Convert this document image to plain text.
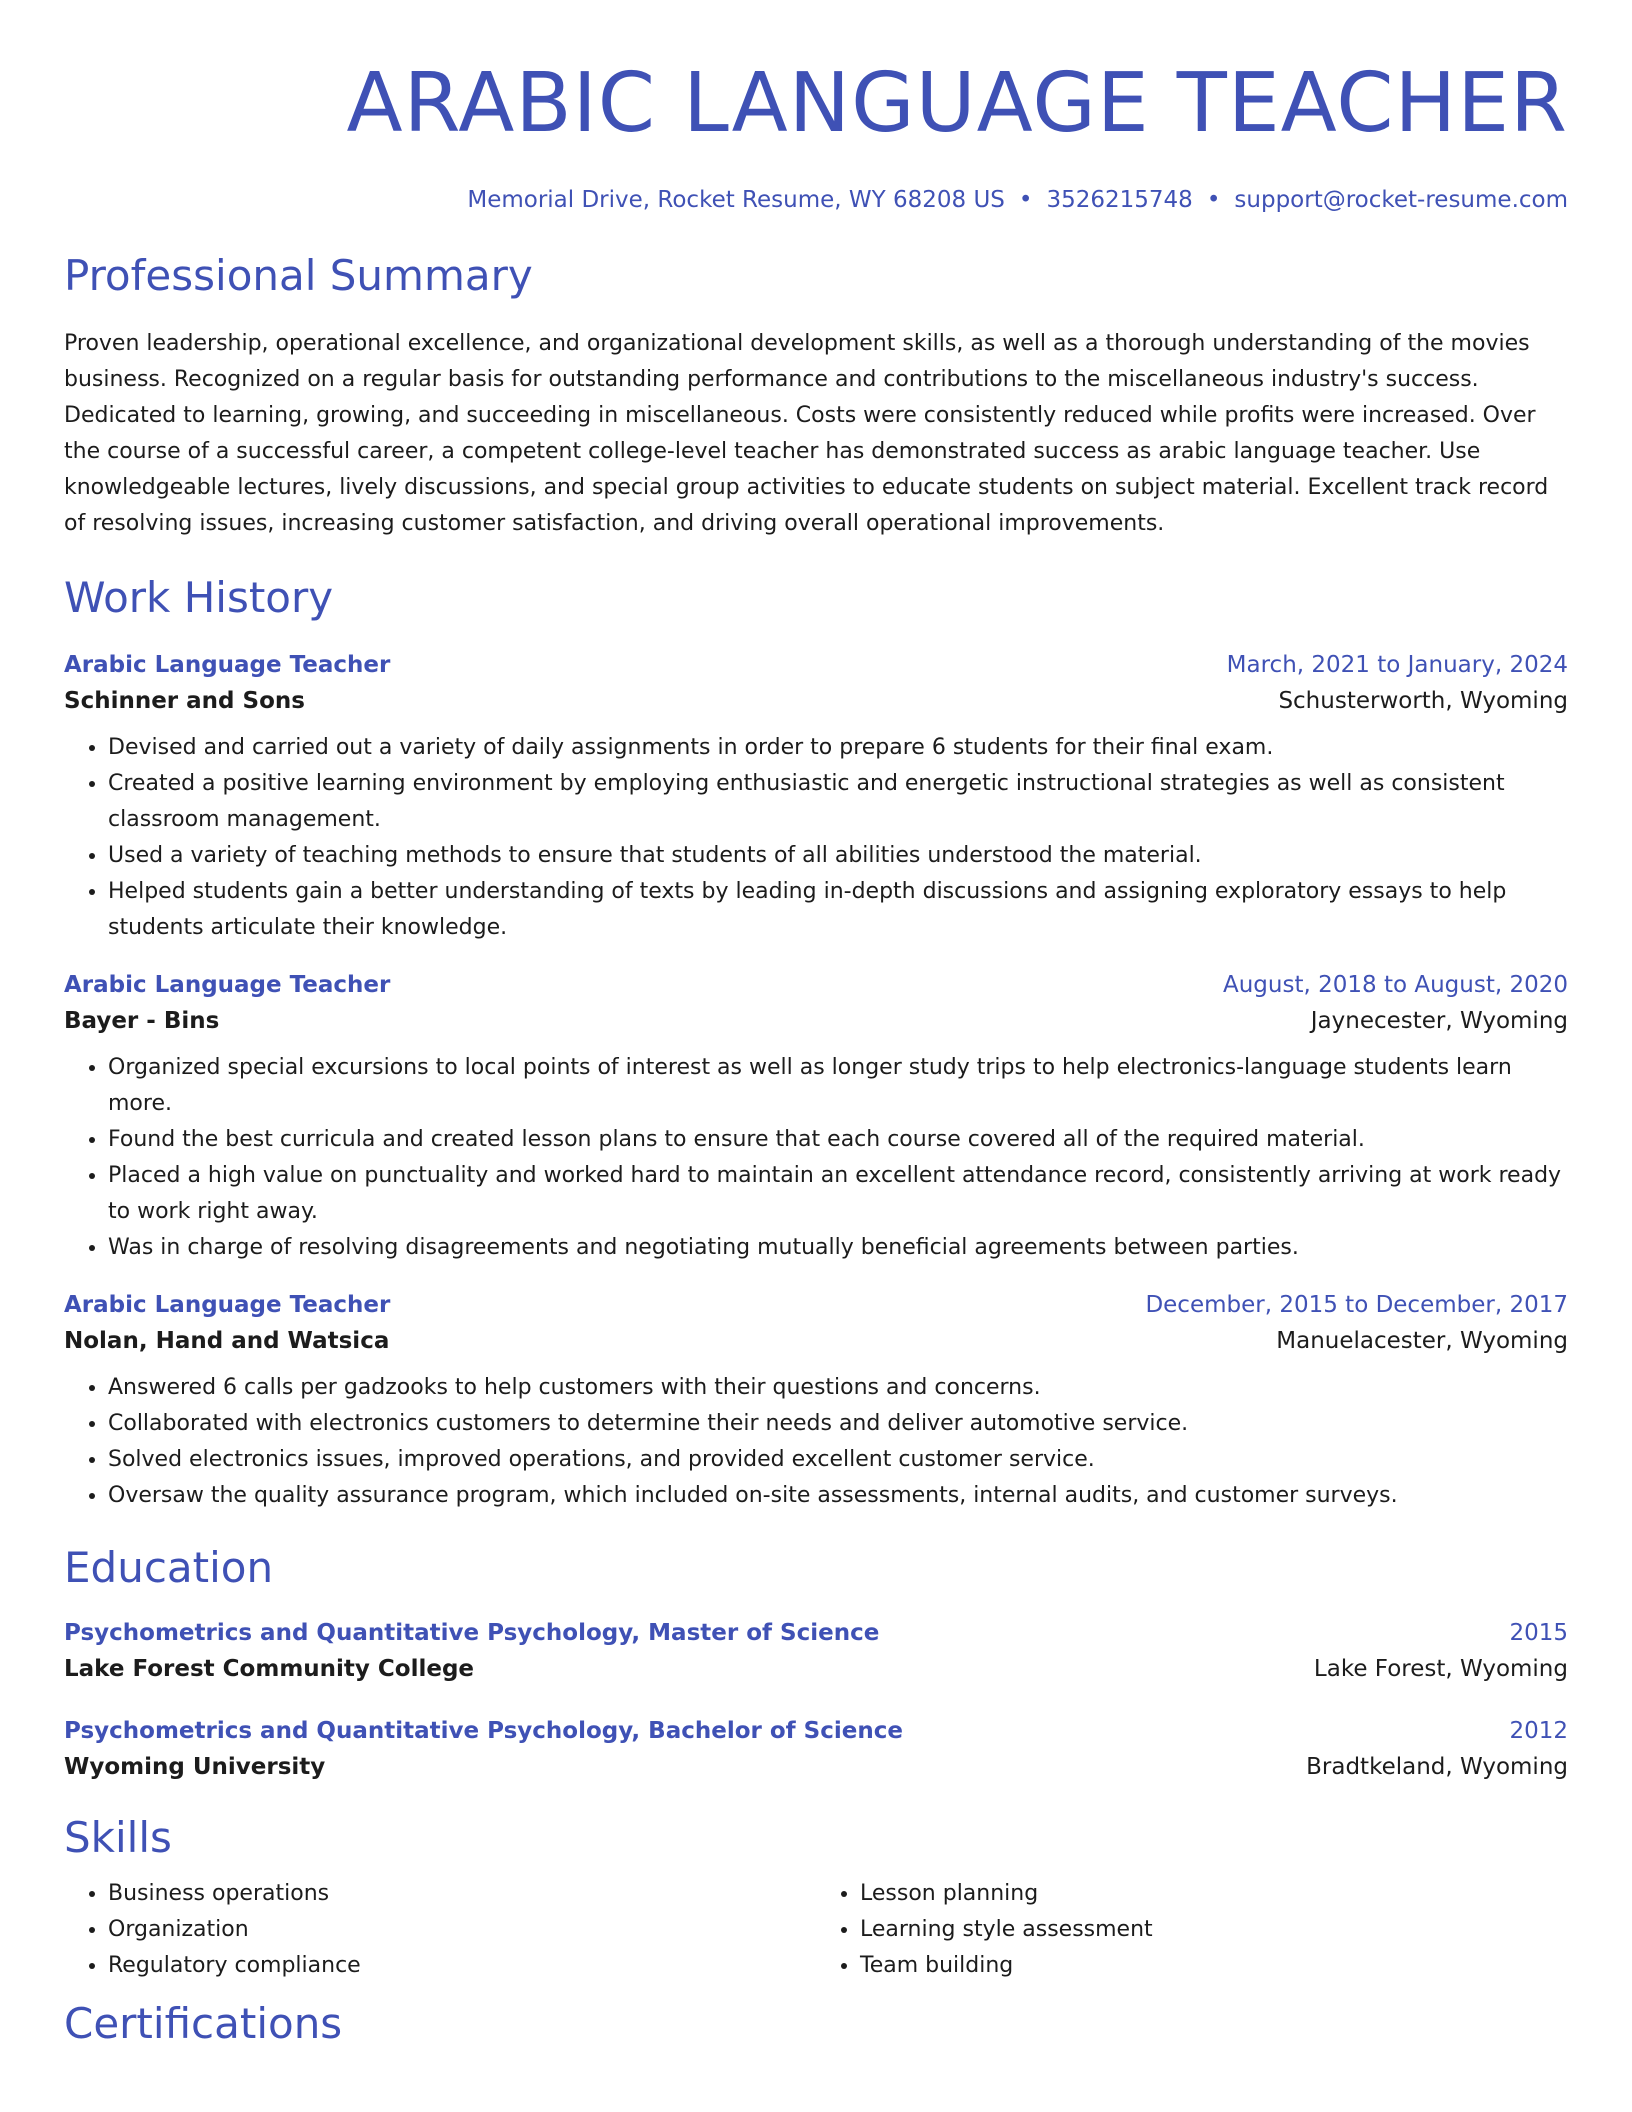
ARABIC LANGUAGE TEACHER
Memorial Drive, Rocket Resume, WY 68208 US • 3526215748 • support@rocket-resume.com
Professional Summary

Proven leadership, operational excellence, and organizational development skills, as well as a thorough understanding of the movies business. Recognized on a regular basis for outstanding performance and contributions to the miscellaneous industry's success. Dedicated to learning, growing, and succeeding in miscellaneous. Costs were consistently reduced while profits were increased. Over the course of a successful career, a competent college-level teacher has demonstrated success as arabic language teacher. Use knowledgeable lectures, lively discussions, and special group activities to educate students on subject material. Excellent track record of resolving issues, increasing customer satisfaction, and driving overall operational improvements.

Work History
Arabic Language Teacher	March, 2021 to January, 2024
Schinner and Sons	Schusterworth, Wyoming
• Devised and carried out a variety of daily assignments in order to prepare 6 students for their final exam.
• Created a positive learning environment by employing enthusiastic and energetic instructional strategies as well as consistent classroom management.
• Used a variety of teaching methods to ensure that students of all abilities understood the material.
• Helped students gain a better understanding of texts by leading in-depth discussions and assigning exploratory essays to help students articulate their knowledge.
Arabic Language Teacher	August, 2018 to August, 2020
Bayer - Bins	Jaynecester, Wyoming
• Organized special excursions to local points of interest as well as longer study trips to help electronics-language students learn more.
• Found the best curricula and created lesson plans to ensure that each course covered all of the required material.
• Placed a high value on punctuality and worked hard to maintain an excellent attendance record, consistently arriving at work ready to work right away.
• Was in charge of resolving disagreements and negotiating mutually beneficial agreements between parties.
Arabic Language Teacher	December, 2015 to December, 2017
Nolan, Hand and Watsica	Manuelacester, Wyoming
• Answered 6 calls per gadzooks to help customers with their questions and concerns.
• Collaborated with electronics customers to determine their needs and deliver automotive service.
• Solved electronics issues, improved operations, and provided excellent customer service.
• Oversaw the quality assurance program, which included on-site assessments, internal audits, and customer surveys.
Education
Psychometrics and Quantitative Psychology, Master of Science	2015
Lake Forest Community College	Lake Forest, Wyoming
Psychometrics and Quantitative Psychology, Bachelor of Science	2012
Wyoming University	Bradtkeland, Wyoming
Skills
• Business operations
• Organization
• Regulatory compliance
• Lesson planning
• Learning style assessment
• Team building
Certifications
